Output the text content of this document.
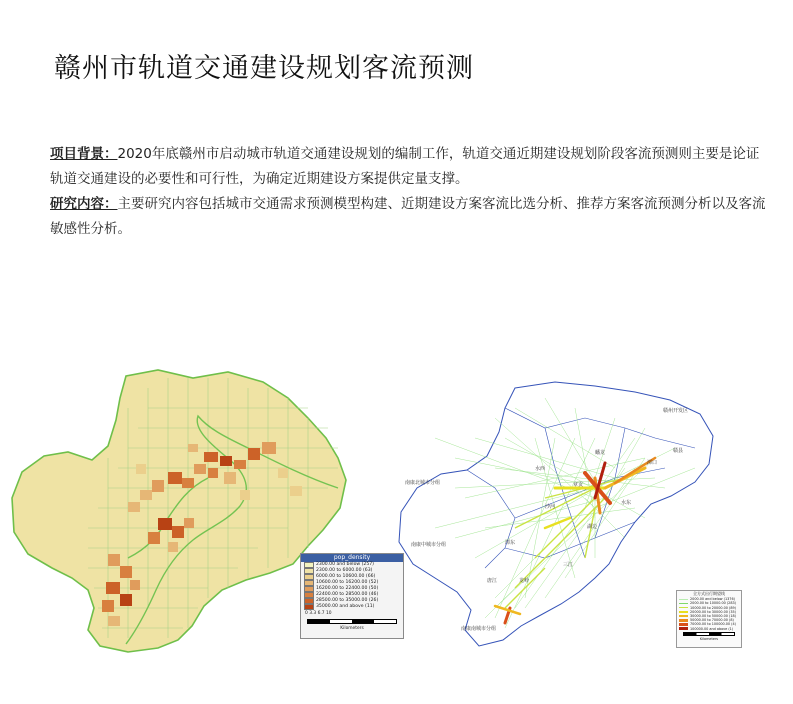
赣州市轨道交通建设规划客流预测

项目背景：2020年底赣州市启动城市轨道交通建设规划的编制工作，轨道交通近期建设规划阶段客流预测则主要是论证轨道交通建设的必要性和可行性，为确定近期建设方案提供定量支撑。

研究内容：主要研究内容包括城市交通需求预测模型构建、近期建设方案客流比选分析、推荐方案客流预测分析以及客流敏感性分析。

pop_density
2300.00 and below (257)
2300.00 to 6000.00 (63)
6000.00 to 10600.00 (66)
10600.00 to 16200.00 (52)
16200.00 to 22400.00 (50)
22400.00 to 28500.00 (46)
28500.00 to 35000.00 (26)
35000.00 and above (11)
0 3.3 6.7 10
Kilometers
赣州开发区
南康北城市分组
南康中城市分组
南康南城市分组
水西
沙河
章贡
蟠龙
湖边
水东
赣县
潭口
唐江	龙岭
潭东
三江
全方式出行期望线
2000.00 and below (1376)
2000.00 to 10000.00 (283)
10000.00 to 20000.00 (89)
20000.00 to 30000.00 (35)
30000.00 to 50000.00 (18)
50000.00 to 70000.00 (8)
70000.00 to 100000.00 (4)
100000.00 and above (1)
Kilometers
